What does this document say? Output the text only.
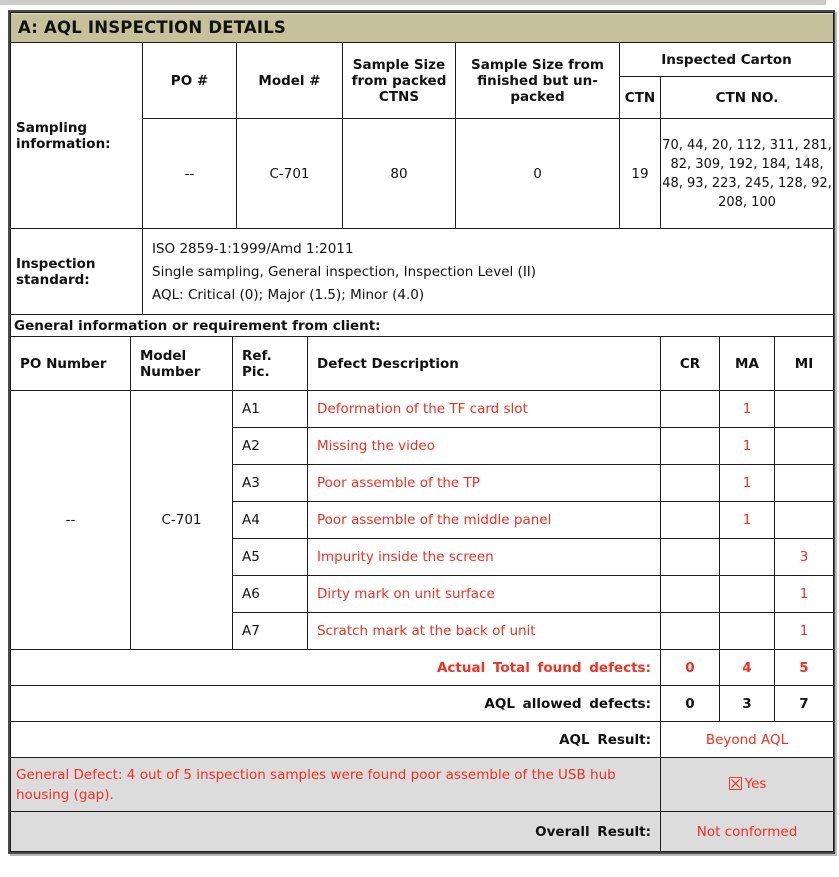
A: AQL INSPECTION DETAILS											
Sampling information:		PO #		Model #		Sample Size from packed CTNS	Sample Size from finished but un-packed	Inspected Carton			
								CTN	CTN NO.		
		--		C-701		80	0	19	70, 44, 20, 112, 311, 281, 82, 309, 192, 184, 148, 48, 93, 223, 245, 128, 92, 208, 100		
Inspection standard:		ISO 2859-1:1999/Amd 1:2011
Single sampling, General inspection, Inspection Level (II)
AQL: Critical (0); Major (1.5); Minor (4.0)									

General information or requirement from client:											
PO Number	Model Number		Ref. Pic.		Defect Description				CR	MA	MI
--	C-701		A1		Deformation of the TF card slot					1	
			A2		Missing the video					1	
			A3		Poor assemble of the TP					1	
			A4		Poor assemble of the middle panel					1	
			A5		Impurity inside the screen						3
			A6		Dirty mark on unit surface						1
			A7		Scratch mark at the back of unit						1
Actual Total found defects:									0	4	5
AQL allowed defects:									0	3	7
AQL Result:									Beyond AQL		
General Defect: 4 out of 5 inspection samples were found poor assemble of the USB hub housing (gap).									☒Yes		
Overall Result:									Not conformed		
